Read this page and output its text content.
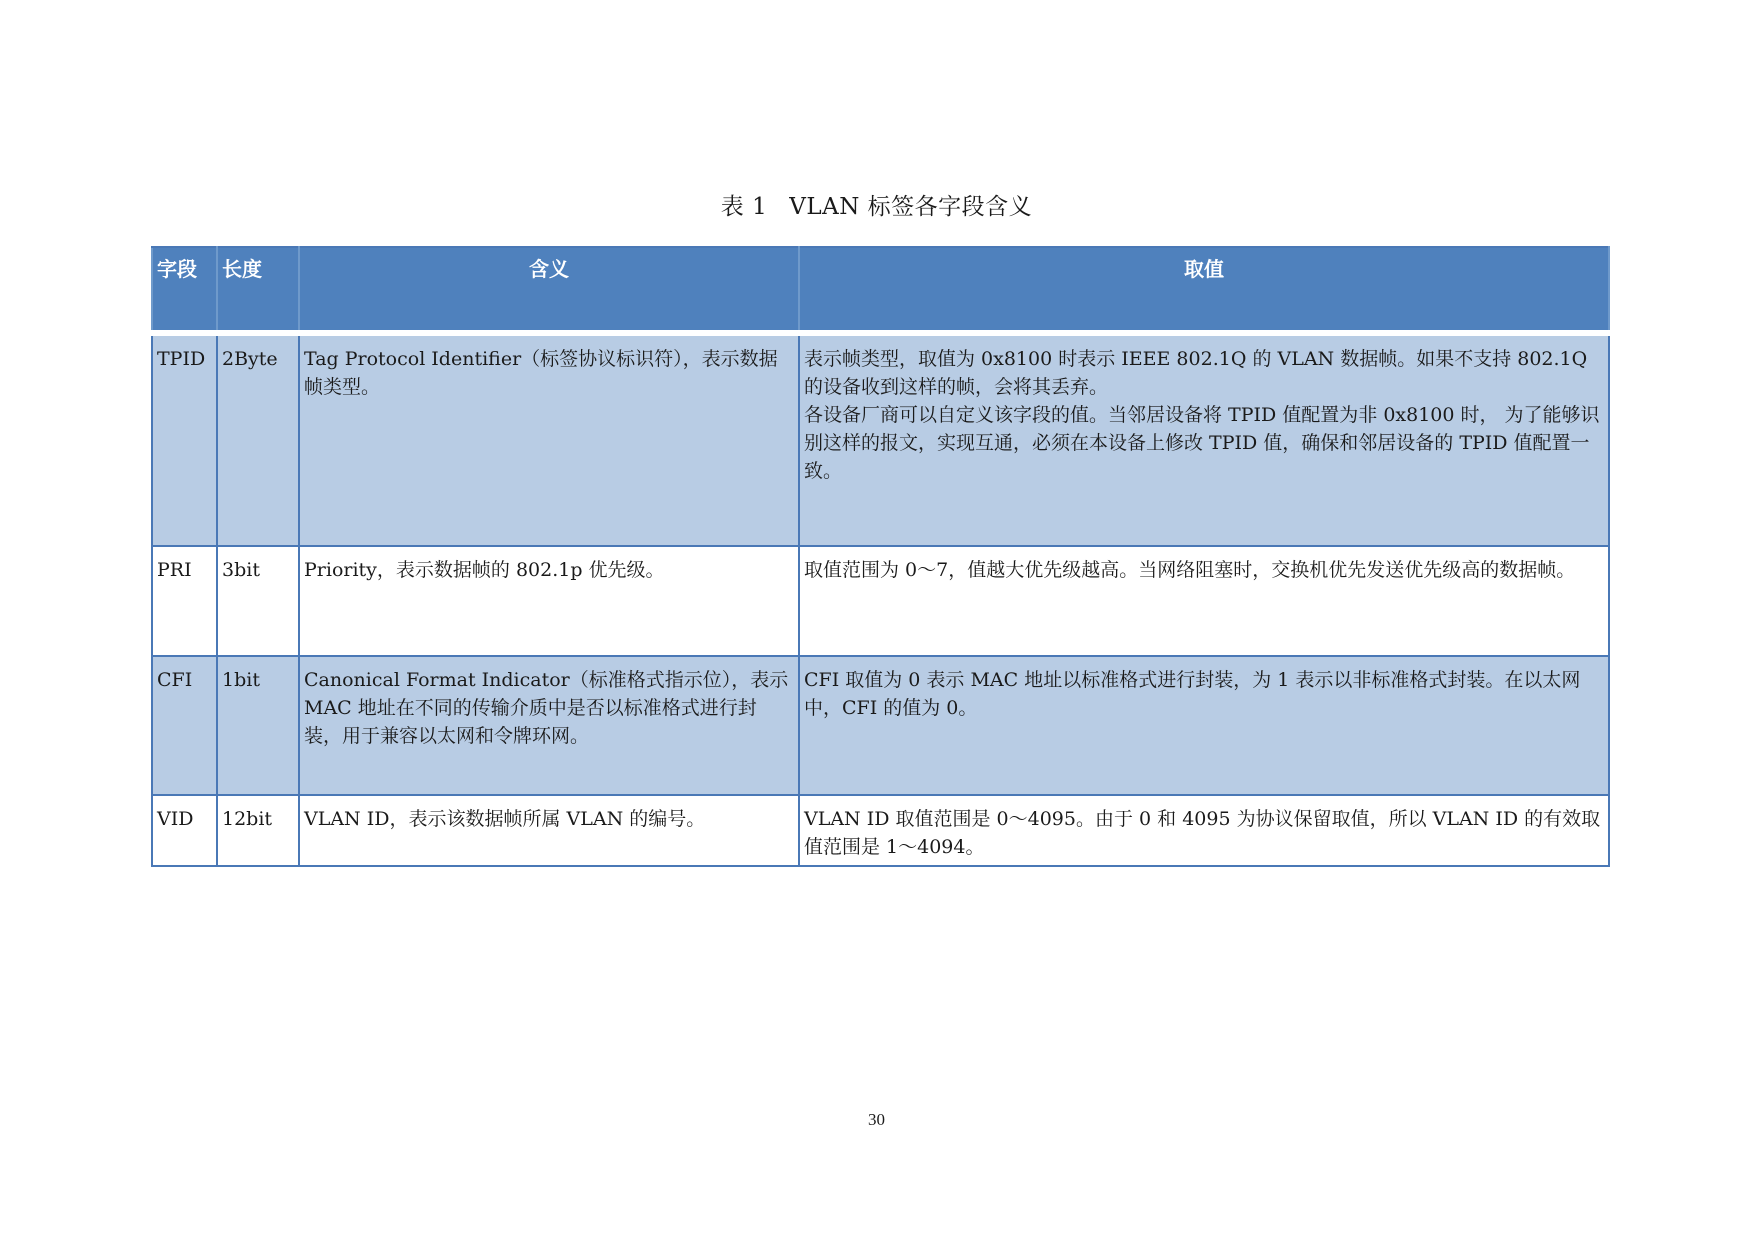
表 1 VLAN 标签各字段含义
字段	长度	含义	取值
TPID	2Byte	Tag Protocol Identifier（标签协议标识符），表示数据帧类型。	表示帧类型，取值为 0x8100 时表示 IEEE 802.1Q 的 VLAN 数据帧。如果不支持 802.1Q 的设备收到这样的帧，会将其丢弃。
各设备厂商可以自定义该字段的值。当邻居设备将 TPID 值配置为非 0x8100 时， 为了能够识别这样的报文，实现互通，必须在本设备上修改 TPID 值，确保和邻居设备的 TPID 值配置一致。

PRI	3bit	Priority，表示数据帧的 802.1p 优先级。	取值范围为 0～7，值越大优先级越高。当网络阻塞时，交换机优先发送优先级高的数据帧。

CFI	1bit	Canonical Format Indicator（标准格式指示位），表示 MAC 地址在不同的传输介质中是否以标准格式进行封装，用于兼容以太网和令牌环网。	CFI 取值为 0 表示 MAC 地址以标准格式进行封装，为 1 表示以非标准格式封装。在以太网中，CFI 的值为 0。

VID	12bit	VLAN ID，表示该数据帧所属 VLAN 的编号。	VLAN ID 取值范围是 0～4095。由于 0 和 4095 为协议保留取值，所以 VLAN ID 的有效取值范围是 1～4094。
30
